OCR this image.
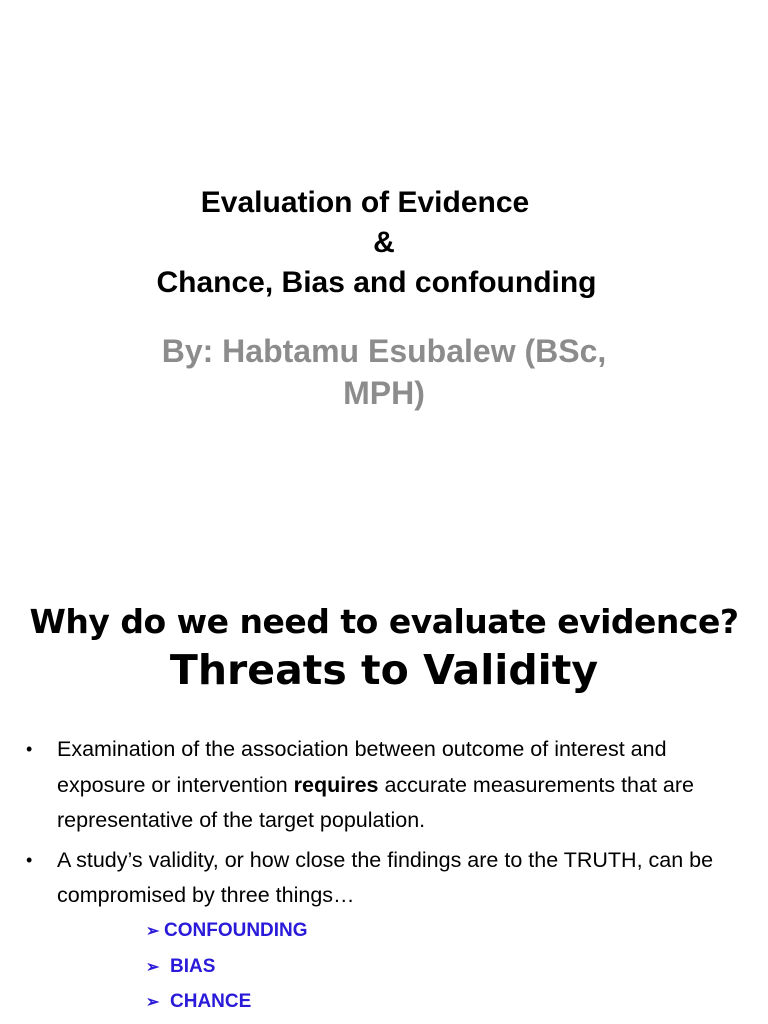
Evaluation of Evidence
&
Chance, Bias and confounding
By: Habtamu Esubalew (BSc,
MPH)
Why do we need to evaluate evidence?
Threats to Validity
• Examination of the association between outcome of interest and exposure or intervention requires accurate measurements that are representative of the target population.
• A study’s validity, or how close the findings are to the TRUTH, can be compromised by three things…
➢ CONFOUNDING
➢ BIAS
➢ CHANCE
